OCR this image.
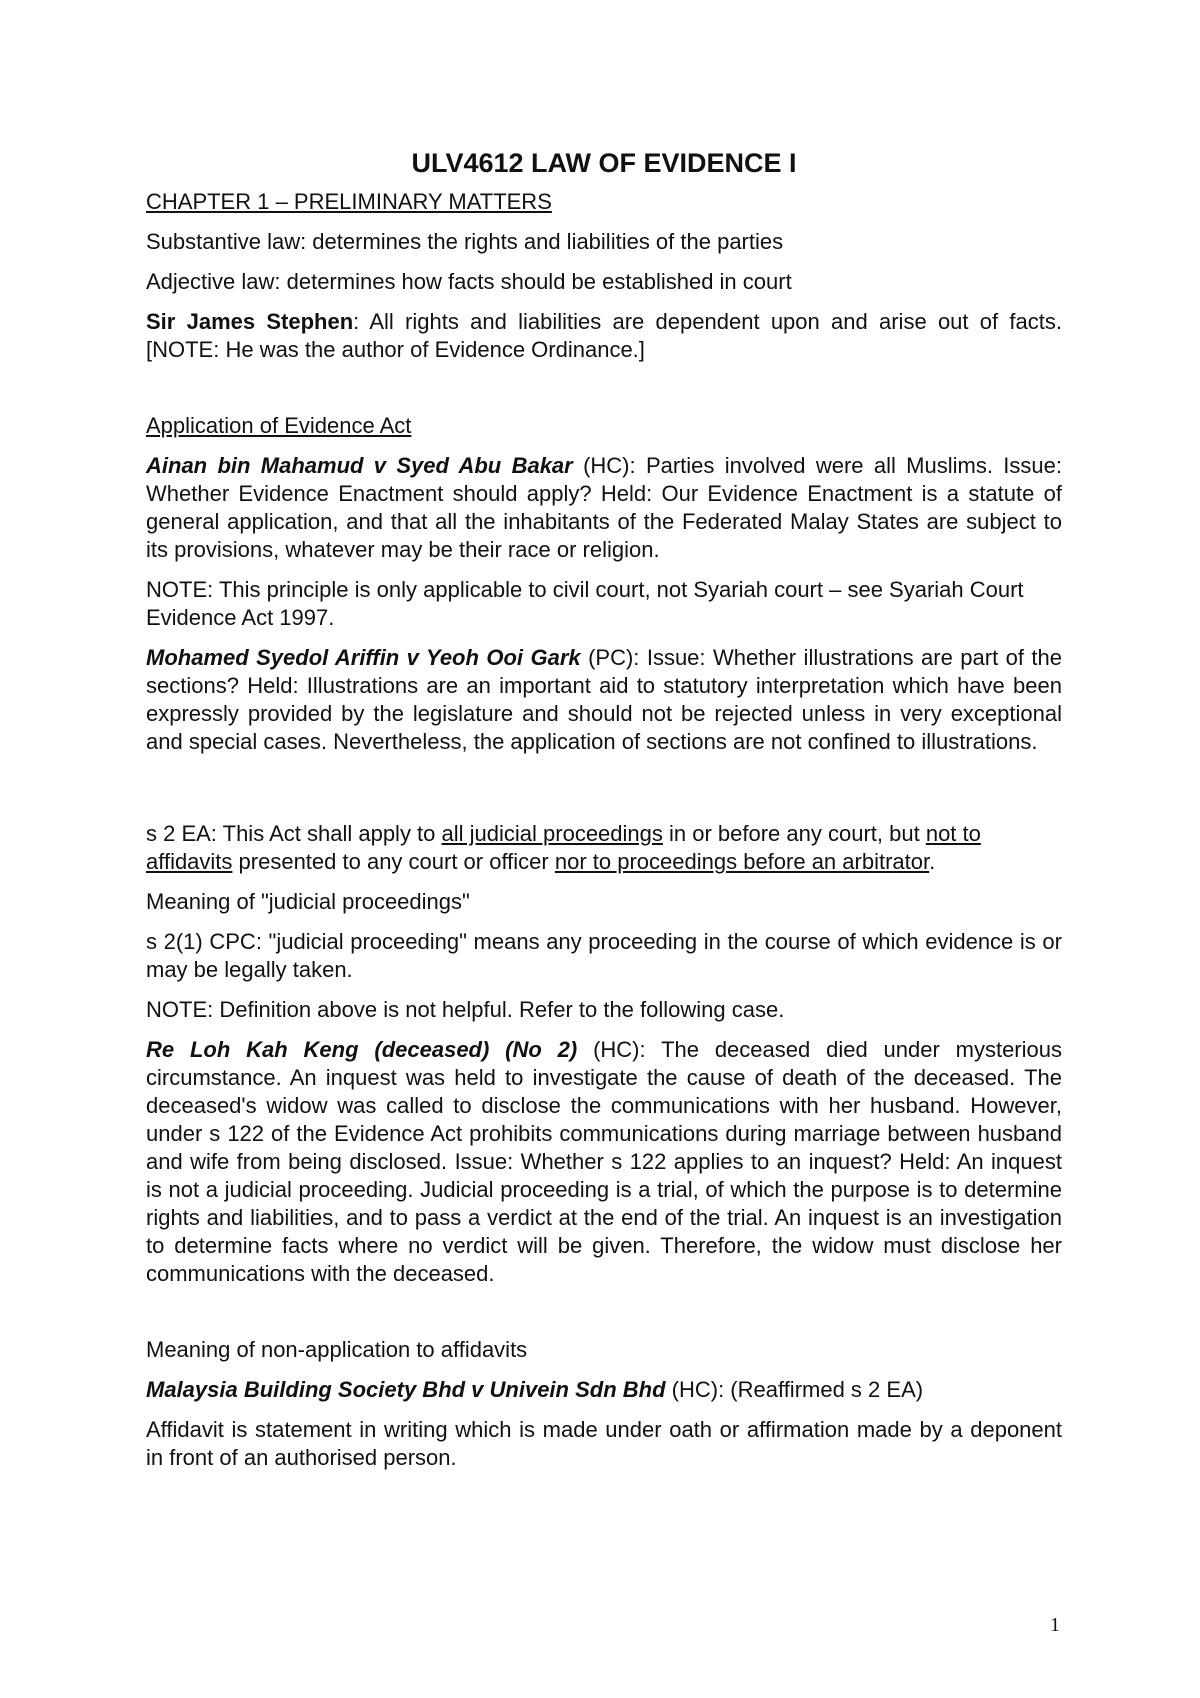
ULV4612 LAW OF EVIDENCE I

CHAPTER 1 – PRELIMINARY MATTERS

Substantive law: determines the rights and liabilities of the parties

Adjective law: determines how facts should be established in court

Sir James Stephen: All rights and liabilities are dependent upon and arise out of facts. [NOTE: He was the author of Evidence Ordinance.]

Application of Evidence Act

Ainan bin Mahamud v Syed Abu Bakar (HC): Parties involved were all Muslims. Issue: Whether Evidence Enactment should apply? Held: Our Evidence Enactment is a statute of general application, and that all the inhabitants of the Federated Malay States are subject to its provisions, whatever may be their race or religion.

NOTE: This principle is only applicable to civil court, not Syariah court – see Syariah Court Evidence Act 1997.

Mohamed Syedol Ariffin v Yeoh Ooi Gark (PC): Issue: Whether illustrations are part of the sections? Held: Illustrations are an important aid to statutory interpretation which have been expressly provided by the legislature and should not be rejected unless in very exceptional and special cases. Nevertheless, the application of sections are not confined to illustrations.

s 2 EA: This Act shall apply to all judicial proceedings in or before any court, but not to affidavits presented to any court or officer nor to proceedings before an arbitrator.

Meaning of "judicial proceedings"

s 2(1) CPC: "judicial proceeding" means any proceeding in the course of which evidence is or may be legally taken.

NOTE: Definition above is not helpful. Refer to the following case.

Re Loh Kah Keng (deceased) (No 2) (HC): The deceased died under mysterious circumstance. An inquest was held to investigate the cause of death of the deceased. The deceased's widow was called to disclose the communications with her husband. However, under s 122 of the Evidence Act prohibits communications during marriage between husband and wife from being disclosed. Issue: Whether s 122 applies to an inquest? Held: An inquest is not a judicial proceeding. Judicial proceeding is a trial, of which the purpose is to determine rights and liabilities, and to pass a verdict at the end of the trial. An inquest is an investigation to determine facts where no verdict will be given. Therefore, the widow must disclose her communications with the deceased.

Meaning of non-application to affidavits

Malaysia Building Society Bhd v Univein Sdn Bhd (HC): (Reaffirmed s 2 EA)

Affidavit is statement in writing which is made under oath or affirmation made by a deponent in front of an authorised person.

1
